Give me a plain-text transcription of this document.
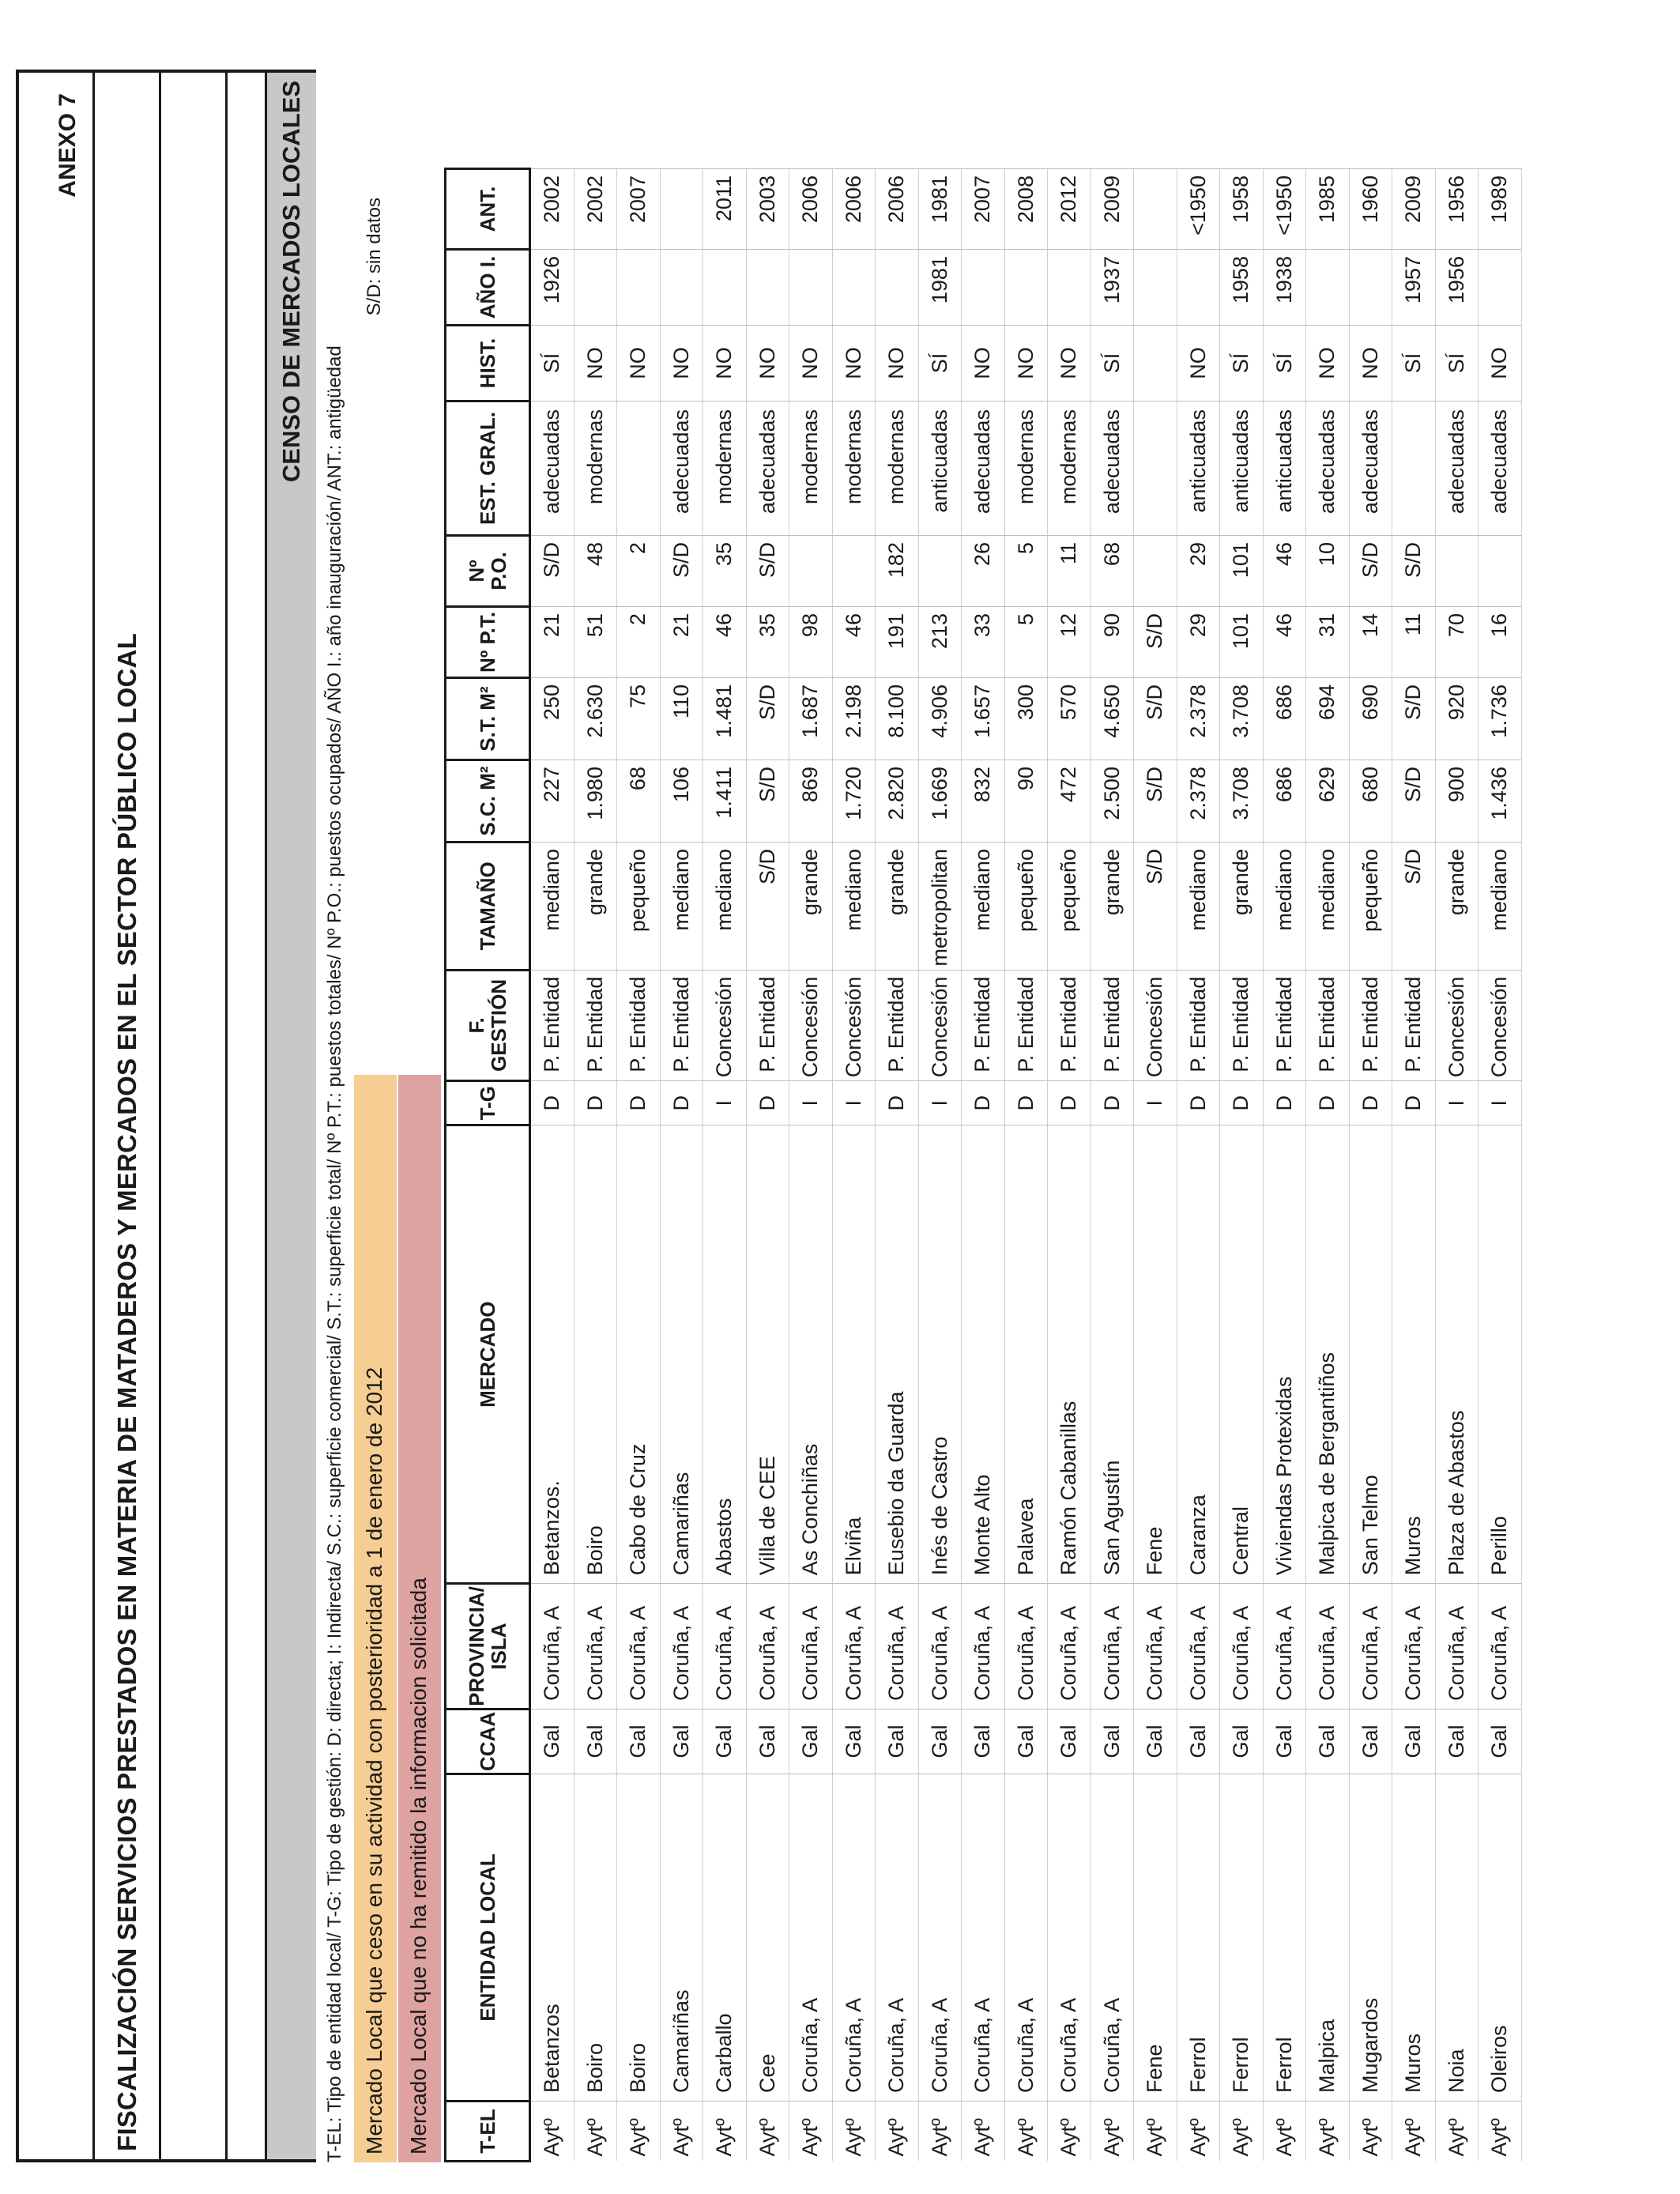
ANEXO 7
FISCALIZACIÓN SERVICIOS PRESTADOS EN MATERIA DE MATADEROS Y MERCADOS EN EL SECTOR PÚBLICO LOCAL
CENSO DE MERCADOS LOCALES
T-EL: Tipo de entidad local/ T-G: Tipo de gestión: D: directa; I: Indirecta/ S.C.: superficie comercial/ S.T.: superficie total/ Nº P.T.: puestos totales/ Nº P.O.: puestos ocupados/ AÑO I.: año inauguración/ ANT.: antigüedad
S/D: sin datos
Mercado Local que ceso en su actividad con posterioridad a 1 de enero de 2012 Mercado Local que no ha remitido la informacion solicitada T-EL	ENTIDAD LOCAL	CCAA	PROVINCIA/ ISLA	MERCADO	T-G	F. GESTIÓN	TAMAÑO	S.C. M²	S.T. M²	Nº P.T.	Nº P.O.	EST. GRAL.	HIST.	AÑO I.	ANT.
Aytº	Betanzos	Gal	Coruña, A	Betanzos.	D	P. Entidad	mediano	227	250	21	S/D	adecuadas	SÍ	1926	2002
Aytº	Boiro	Gal	Coruña, A	Boiro	D	P. Entidad	grande	1.980	2.630	51	48	modernas	NO		2002
Aytº	Boiro	Gal	Coruña, A	Cabo de Cruz	D	P. Entidad	pequeño	68	75	2	2		NO		2007
Aytº	Camariñas	Gal	Coruña, A	Camariñas	D	P. Entidad	mediano	106	110	21	S/D	adecuadas	NO		
Aytº	Carballo	Gal	Coruña, A	Abastos	I	Concesión	mediano	1.411	1.481	46	35	modernas	NO		2011
Aytº	Cee	Gal	Coruña, A	Villa de CEE	D	P. Entidad	S/D	S/D	S/D	35	S/D	adecuadas	NO		2003
Aytº	Coruña, A	Gal	Coruña, A	As Conchiñas	I	Concesión	grande	869	1.687	98		modernas	NO		2006
Aytº	Coruña, A	Gal	Coruña, A	Elviña	I	Concesión	mediano	1.720	2.198	46		modernas	NO		2006
Aytº	Coruña, A	Gal	Coruña, A	Eusebio da Guarda	D	P. Entidad	grande	2.820	8.100	191	182	modernas	NO		2006
Aytº	Coruña, A	Gal	Coruña, A	Inés de Castro	I	Concesión	metropolitan	1.669	4.906	213		anticuadas	SÍ	1981	1981
Aytº	Coruña, A	Gal	Coruña, A	Monte Alto	D	P. Entidad	mediano	832	1.657	33	26	adecuadas	NO		2007
Aytº	Coruña, A	Gal	Coruña, A	Palavea	D	P. Entidad	pequeño	90	300	5	5	modernas	NO		2008
Aytº	Coruña, A	Gal	Coruña, A	Ramón Cabanillas	D	P. Entidad	pequeño	472	570	12	11	modernas	NO		2012
Aytº	Coruña, A	Gal	Coruña, A	San Agustín	D	P. Entidad	grande	2.500	4.650	90	68	adecuadas	SÍ	1937	2009
Aytº	Fene	Gal	Coruña, A	Fene	I	Concesión	S/D	S/D	S/D	S/D					
Aytº	Ferrol	Gal	Coruña, A	Caranza	D	P. Entidad	mediano	2.378	2.378	29	29	anticuadas	NO		<1950
Aytº	Ferrol	Gal	Coruña, A	Central	D	P. Entidad	grande	3.708	3.708	101	101	anticuadas	SÍ	1958	1958
Aytº	Ferrol	Gal	Coruña, A	Viviendas Protexidas	D	P. Entidad	mediano	686	686	46	46	anticuadas	SÍ	1938	<1950
Aytº	Malpica	Gal	Coruña, A	Malpica de Bergantiños	D	P. Entidad	mediano	629	694	31	10	adecuadas	NO		1985
Aytº	Mugardos	Gal	Coruña, A	San Telmo	D	P. Entidad	pequeño	680	690	14	S/D	adecuadas	NO		1960
Aytº	Muros	Gal	Coruña, A	Muros	D	P. Entidad	S/D	S/D	S/D	11	S/D		SÍ	1957	2009
Aytº	Noia	Gal	Coruña, A	Plaza de Abastos	I	Concesión	grande	900	920	70		adecuadas	SÍ	1956	1956
Aytº	Oleiros	Gal	Coruña, A	Perillo	I	Concesión	mediano	1.436	1.736	16		adecuadas	NO		1989
